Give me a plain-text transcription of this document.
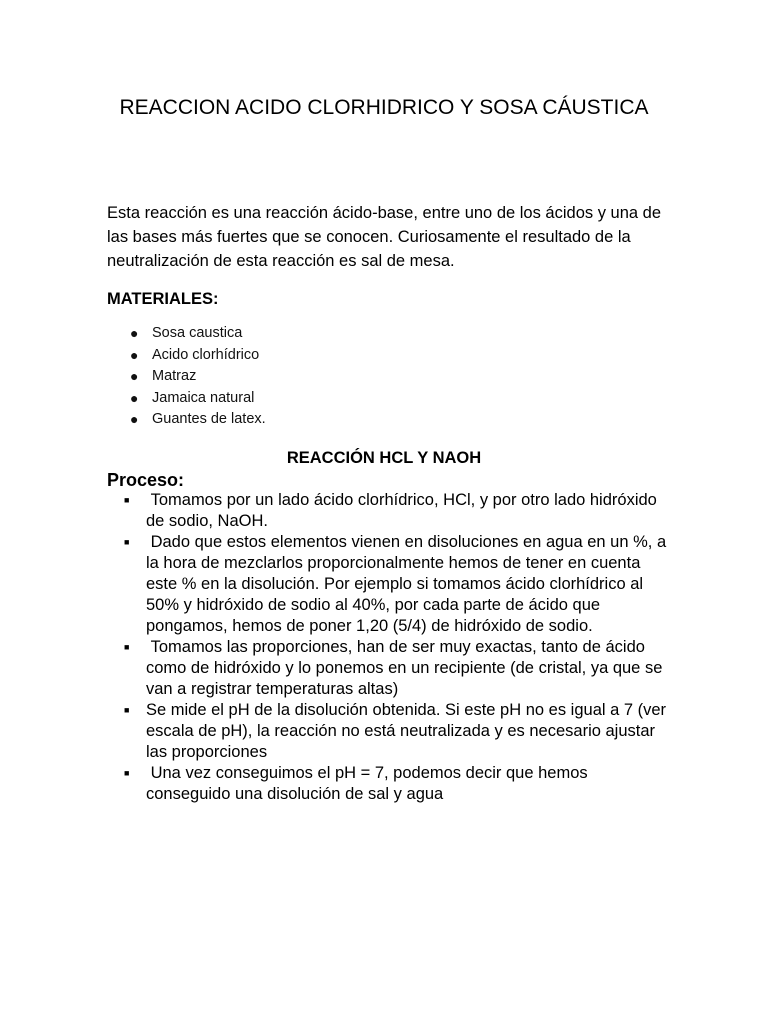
REACCION ACIDO CLORHIDRICO Y SOSA CÁUSTICA

Esta reacción es una reacción ácido-base, entre uno de los ácidos y una de las bases más fuertes que se conocen. Curiosamente el resultado de la neutralización de esta reacción es sal de mesa.

MATERIALES:
● Sosa caustica
● Acido clorhídrico
● Matraz
● Jamaica natural
● Guantes de latex.
REACCIÓN HCL Y NAOH
Proceso:
■ Tomamos por un lado ácido clorhídrico, HCl, y por otro lado hidróxido de sodio, NaOH.
■ Dado que estos elementos vienen en disoluciones en agua en un %, a la hora de mezclarlos proporcionalmente hemos de tener en cuenta este % en la disolución. Por ejemplo si tomamos ácido clorhídrico al 50% y hidróxido de sodio al 40%, por cada parte de ácido que pongamos, hemos de poner 1,20 (5/4) de hidróxido de sodio.
■ Tomamos las proporciones, han de ser muy exactas, tanto de ácido como de hidróxido y lo ponemos en un recipiente (de cristal, ya que se van a registrar temperaturas altas)
■ Se mide el pH de la disolución obtenida. Si este pH no es igual a 7 (ver escala de pH), la reacción no está neutralizada y es necesario ajustar las proporciones
■ Una vez conseguimos el pH = 7, podemos decir que hemos conseguido una disolución de sal y agua
